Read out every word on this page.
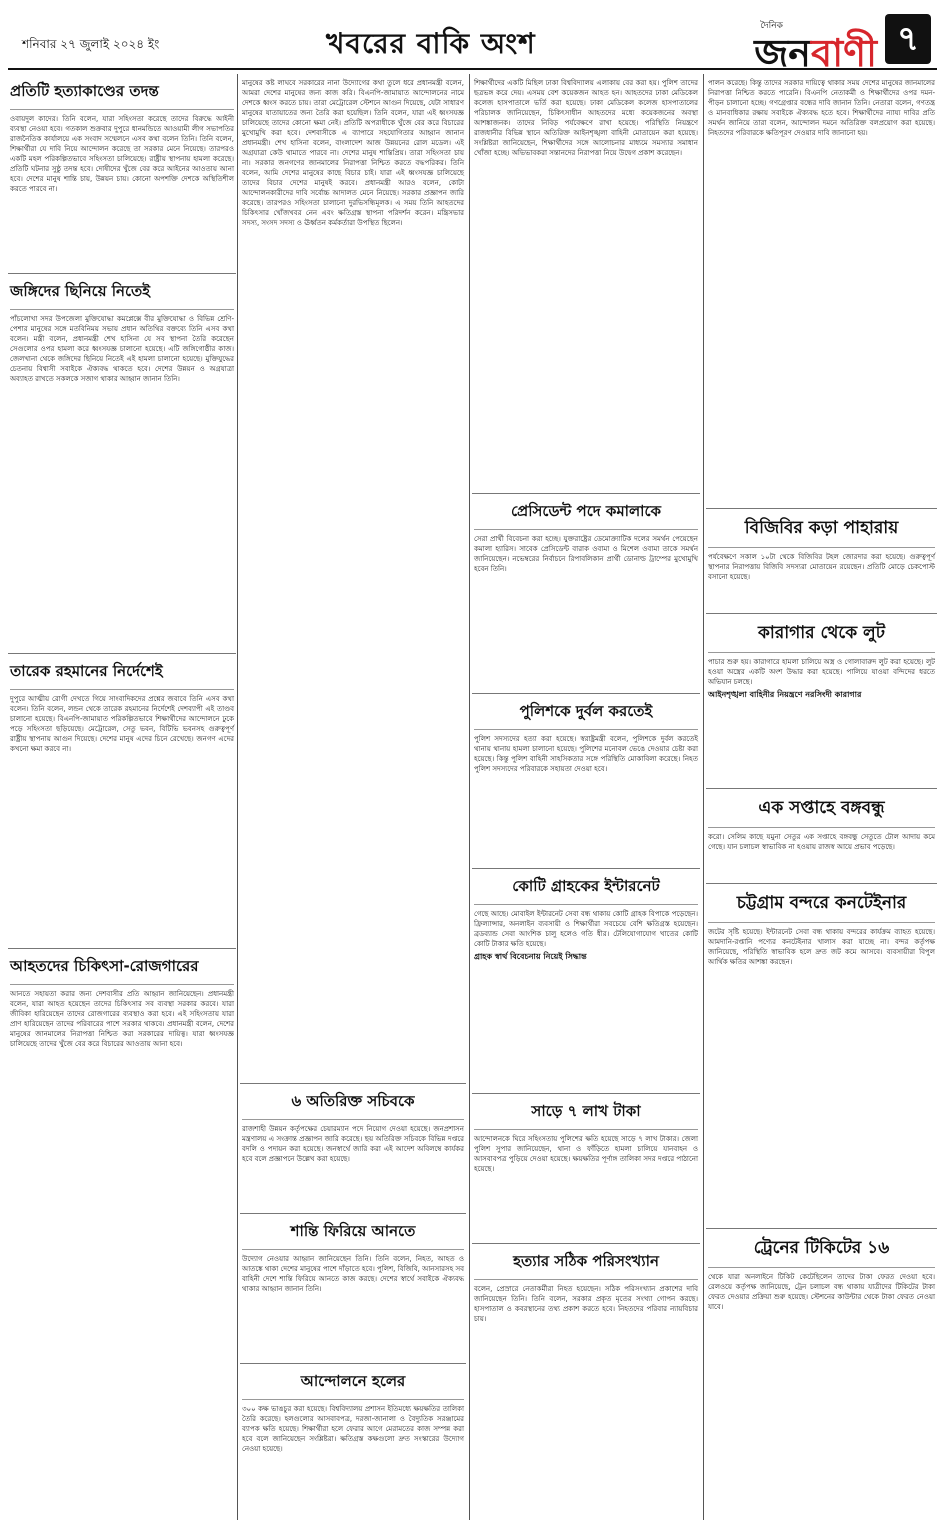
শনিবার ২৭ জুলাই ২০২৪ ইং	খবরের বাকি অংশ
দৈনিক
জনবাণী ৭
প্রতিটি হত্যাকাণ্ডের তদন্ত
ওবায়দুল কাদের। তিনি বলেন, যারা সহিংসতা করেছে তাদের বিরুদ্ধে আইনী ব্যবস্থা নেওয়া হবে। গতকাল শুক্রবার দুপুরে ধানমন্ডিতে আওয়ামী লীগ সভাপতির রাজনৈতিক কার্যালয়ে এক সংবাদ সম্মেলনে এসব কথা বলেন তিনি। তিনি বলেন, শিক্ষার্থীরা যে দাবি নিয়ে আন্দোলন করেছে তা সরকার মেনে নিয়েছে। তারপরও একটি মহল পরিকল্পিতভাবে সহিংসতা চালিয়েছে। রাষ্ট্রীয় স্থাপনায় হামলা করেছে। প্রতিটি ঘটনার সুষ্ঠু তদন্ত হবে। দোষীদের খুঁজে বের করে আইনের আওতায় আনা হবে। দেশের মানুষ শান্তি চায়, উন্নয়ন চায়। কোনো অপশক্তি দেশকে অস্থিতিশীল করতে পারবে না।
জঙ্গিদের ছিনিয়ে নিতেই
পাঁচলোখা সদর উপজেলা মুক্তিযোদ্ধা কমপ্লেক্সে বীর মুক্তিযোদ্ধা ও বিভিন্ন শ্রেণি-পেশার মানুষের সঙ্গে মতবিনিময় সভায় প্রধান অতিথির বক্তব্যে তিনি এসব কথা বলেন। মন্ত্রী বলেন, প্রধানমন্ত্রী শেখ হাসিনা যে সব স্থাপনা তৈরি করেছেন সেগুলোর ওপর হামলা করে ধ্বংসযজ্ঞ চালানো হয়েছে। এটি জঙ্গিগোষ্ঠীর কাজ। জেলখানা থেকে জঙ্গিদের ছিনিয়ে নিতেই এই হামলা চালানো হয়েছে। মুক্তিযুদ্ধের চেতনায় বিশ্বাসী সবাইকে ঐক্যবদ্ধ থাকতে হবে। দেশের উন্নয়ন ও অগ্রযাত্রা অব্যাহত রাখতে সকলকে সজাগ থাকার আহ্বান জানান তিনি।
তারেক রহমানের নির্দেশেই
দুপুরে আত্মীয় রোগী দেখতে গিয়ে সাংবাদিকদের প্রশ্নের জবাবে তিনি এসব কথা বলেন। তিনি বলেন, লন্ডন থেকে তারেক রহমানের নির্দেশেই দেশব্যাপী এই তাণ্ডব চালানো হয়েছে। বিএনপি-জামায়াত পরিকল্পিতভাবে শিক্ষার্থীদের আন্দোলনে ঢুকে পড়ে সহিংসতা ছড়িয়েছে। মেট্রোরেল, সেতু ভবন, বিটিভি ভবনসহ গুরুত্বপূর্ণ রাষ্ট্রীয় স্থাপনায় আগুন দিয়েছে। দেশের মানুষ এদের চিনে রেখেছে। জনগণ এদের কখনো ক্ষমা করবে না।
আহতদের চিকিৎসা-রোজগারের
আনতে সহায়তা করার জন্য দেশবাসীর প্রতি আহ্বান জানিয়েছেন। প্রধানমন্ত্রী বলেন, যারা আহত হয়েছেন তাদের চিকিৎসার সব ব্যবস্থা সরকার করবে। যারা জীবিকা হারিয়েছেন তাদের রোজগারের ব্যবস্থাও করা হবে। এই সহিংসতায় যারা প্রাণ হারিয়েছেন তাদের পরিবারের পাশে সরকার থাকবে। প্রধানমন্ত্রী বলেন, দেশের মানুষের জানমালের নিরাপত্তা নিশ্চিত করা সরকারের দায়িত্ব। যারা ধ্বংসযজ্ঞ চালিয়েছে তাদের খুঁজে বের করে বিচারের আওতায় আনা হবে।
মানুষের কষ্ট লাঘবে সরকারের নানা উদ্যোগের কথা তুলে ধরে প্রধানমন্ত্রী বলেন, আমরা দেশের মানুষের জন্য কাজ করি। বিএনপি-জামায়াত আন্দোলনের নামে দেশকে ধ্বংস করতে চায়। তারা মেট্রোরেল স্টেশনে আগুন দিয়েছে, যেটা সাধারণ মানুষের যাতায়াতের জন্য তৈরি করা হয়েছিল। তিনি বলেন, যারা এই ধ্বংসযজ্ঞ চালিয়েছে তাদের কোনো ক্ষমা নেই। প্রতিটি অপরাধীকে খুঁজে বের করে বিচারের মুখোমুখি করা হবে। দেশবাসীকে এ ব্যাপারে সহযোগিতার আহ্বান জানান প্রধানমন্ত্রী। শেখ হাসিনা বলেন, বাংলাদেশ আজ উন্নয়নের রোল মডেল। এই অগ্রযাত্রা কেউ থামাতে পারবে না। দেশের মানুষ শান্তিপ্রিয়। তারা সহিংসতা চায় না। সরকার জনগণের জানমালের নিরাপত্তা নিশ্চিত করতে বদ্ধপরিকর। তিনি বলেন, আমি দেশের মানুষের কাছে বিচার চাই। যারা এই ধ্বংসযজ্ঞ চালিয়েছে তাদের বিচার দেশের মানুষই করবে। প্রধানমন্ত্রী আরও বলেন, কোটা আন্দোলনকারীদের দাবি সর্বোচ্চ আদালত মেনে নিয়েছে। সরকার প্রজ্ঞাপন জারি করেছে। তারপরও সহিংসতা চালানো দুরভিসন্ধিমূলক। এ সময় তিনি আহতদের চিকিৎসার খোঁজখবর নেন এবং ক্ষতিগ্রস্ত স্থাপনা পরিদর্শন করেন। মন্ত্রিসভার সদস্য, সংসদ সদস্য ও ঊর্ধ্বতন কর্মকর্তারা উপস্থিত ছিলেন।
৬ অতিরিক্ত সচিবকে
রাজশাহী উন্নয়ন কর্তৃপক্ষের চেয়ারম্যান পদে নিয়োগ দেওয়া হয়েছে। জনপ্রশাসন মন্ত্রণালয় এ সংক্রান্ত প্রজ্ঞাপন জারি করেছে। ছয় অতিরিক্ত সচিবকে বিভিন্ন দপ্তরে বদলি ও পদায়ন করা হয়েছে। জনস্বার্থে জারি করা এই আদেশ অবিলম্বে কার্যকর হবে বলে প্রজ্ঞাপনে উল্লেখ করা হয়েছে।
শান্তি ফিরিয়ে আনতে
উদ্যোগ নেওয়ার আহ্বান জানিয়েছেন তিনি। তিনি বলেন, নিহত, আহত ও আতঙ্কে থাকা দেশের মানুষের পাশে দাঁড়াতে হবে। পুলিশ, বিজিবি, আনসারসহ সব বাহিনী দেশে শান্তি ফিরিয়ে আনতে কাজ করছে। দেশের স্বার্থে সবাইকে ঐক্যবদ্ধ থাকার আহ্বান জানান তিনি।
আন্দোলনে হলের
৩০০ কক্ষ ভাঙচুর করা হয়েছে। বিশ্ববিদ্যালয় প্রশাসন ইতিমধ্যে ক্ষয়ক্ষতির তালিকা তৈরি করেছে। হলগুলোর আসবাবপত্র, দরজা-জানালা ও বৈদ্যুতিক সরঞ্জামের ব্যাপক ক্ষতি হয়েছে। শিক্ষার্থীরা হলে ফেরার আগে মেরামতের কাজ সম্পন্ন করা হবে বলে জানিয়েছেন সংশ্লিষ্টরা। ক্ষতিগ্রস্ত কক্ষগুলো দ্রুত সংস্কারের উদ্যোগ নেওয়া হয়েছে।
শিক্ষার্থীদের একটি মিছিল ঢাকা বিশ্ববিদ্যালয় এলাকায় বের করা হয়। পুলিশ তাদের ছত্রভঙ্গ করে দেয়। এসময় বেশ কয়েকজন আহত হন। আহতদের ঢাকা মেডিকেল কলেজ হাসপাতালে ভর্তি করা হয়েছে। ঢাকা মেডিকেল কলেজ হাসপাতালের পরিচালক জানিয়েছেন, চিকিৎসাধীন আহতদের মধ্যে কয়েকজনের অবস্থা আশঙ্কাজনক। তাদের নিবিড় পর্যবেক্ষণে রাখা হয়েছে। পরিস্থিতি নিয়ন্ত্রণে রাজধানীর বিভিন্ন স্থানে অতিরিক্ত আইনশৃঙ্খলা বাহিনী মোতায়েন করা হয়েছে। সংশ্লিষ্টরা জানিয়েছেন, শিক্ষার্থীদের সঙ্গে আলোচনার মাধ্যমে সমস্যার সমাধান খোঁজা হচ্ছে। অভিভাবকরা সন্তানদের নিরাপত্তা নিয়ে উদ্বেগ প্রকাশ করেছেন।
প্রেসিডেন্ট পদে কমালাকে
সেরা প্রার্থী বিবেচনা করা হচ্ছে। যুক্তরাষ্ট্রের ডেমোক্র্যাটিক দলের সমর্থন পেয়েছেন কমালা হ্যারিস। সাবেক প্রেসিডেন্ট বারাক ওবামা ও মিশেল ওবামা তাকে সমর্থন জানিয়েছেন। নভেম্বরের নির্বাচনে রিপাবলিকান প্রার্থী ডোনাল্ড ট্রাম্পের মুখোমুখি হবেন তিনি।
পুলিশকে দুর্বল করতেই
পুলিশ সদস্যদের হত্যা করা হয়েছে। স্বরাষ্ট্রমন্ত্রী বলেন, পুলিশকে দুর্বল করতেই থানায় থানায় হামলা চালানো হয়েছে। পুলিশের মনোবল ভেঙে দেওয়ার চেষ্টা করা হয়েছে। কিন্তু পুলিশ বাহিনী সাহসিকতার সঙ্গে পরিস্থিতি মোকাবিলা করেছে। নিহত পুলিশ সদস্যদের পরিবারকে সহায়তা দেওয়া হবে।
কোটি গ্রাহকের ইন্টারনেট
গেছে আছে। মোবাইল ইন্টারনেট সেবা বন্ধ থাকায় কোটি গ্রাহক বিপাকে পড়েছেন। ফ্রিল্যান্সার, অনলাইন ব্যবসায়ী ও শিক্ষার্থীরা সবচেয়ে বেশি ক্ষতিগ্রস্ত হয়েছেন। ব্রডব্যান্ড সেবা আংশিক চালু হলেও গতি ধীর। টেলিযোগাযোগ খাতের কোটি কোটি টাকার ক্ষতি হয়েছে।
গ্রাহক স্বার্থ বিবেচনায় নিয়েই সিদ্ধান্ত
সাড়ে ৭ লাখ টাকা
আন্দোলনকে ঘিরে সহিংসতায় পুলিশের ক্ষতি হয়েছে সাড়ে ৭ লাখ টাকার। জেলা পুলিশ সুপার জানিয়েছেন, থানা ও ফাঁড়িতে হামলা চালিয়ে যানবাহন ও আসবাবপত্র পুড়িয়ে দেওয়া হয়েছে। ক্ষয়ক্ষতির পূর্ণাঙ্গ তালিকা সদর দপ্তরে পাঠানো হয়েছে।
হত্যার সঠিক পরিসংখ্যান
বলেন, প্রেস্রারে নেতাকর্মীরা নিহত হয়েছেন। সঠিক পরিসংখ্যান প্রকাশের দাবি জানিয়েছেন তিনি। তিনি বলেন, সরকার প্রকৃত মৃতের সংখ্যা গোপন করছে। হাসপাতাল ও কবরস্থানের তথ্য প্রকাশ করতে হবে। নিহতদের পরিবার ন্যায়বিচার চায়।
পালন করেছে। কিন্তু তাদের সরকার দায়িত্বে থাকার সময় দেশের মানুষের জানমালের নিরাপত্তা নিশ্চিত করতে পারেনি। বিএনপি নেতাকর্মী ও শিক্ষার্থীদের ওপর দমন-পীড়ন চালানো হচ্ছে। গণগ্রেপ্তার বন্ধের দাবি জানান তিনি। নেতারা বলেন, গণতন্ত্র ও মানবাধিকার রক্ষায় সবাইকে ঐক্যবদ্ধ হতে হবে। শিক্ষার্থীদের ন্যায্য দাবির প্রতি সমর্থন জানিয়ে তারা বলেন, আন্দোলন দমনে অতিরিক্ত বলপ্রয়োগ করা হয়েছে। নিহতদের পরিবারকে ক্ষতিপূরণ দেওয়ার দাবি জানানো হয়।
বিজিবির কড়া পাহারায়
পর্যবেক্ষণে সকাল ১০টা থেকে বিজিবির টহল জোরদার করা হয়েছে। গুরুত্বপূর্ণ স্থাপনার নিরাপত্তায় বিজিবি সদস্যরা মোতায়েন রয়েছেন। প্রতিটি মোড়ে চেকপোস্ট বসানো হয়েছে।
কারাগার থেকে লুট
পাচার শুরু হয়। কারাগারে হামলা চালিয়ে অস্ত্র ও গোলাবারুদ লুট করা হয়েছে। লুট হওয়া অস্ত্রের একটি অংশ উদ্ধার করা হয়েছে। পালিয়ে যাওয়া বন্দিদের ধরতে অভিযান চলছে।
আইনশৃঙ্খলা বাহিনীর নিয়ন্ত্রণে নরসিংদী কারাগার
এক সপ্তাহে বঙ্গবন্ধু
করো। সেলিম কাছে যমুনা সেতুর এক সপ্তাহে বঙ্গবন্ধু সেতুতে টোল আদায় কমে গেছে। যান চলাচল স্বাভাবিক না হওয়ায় রাজস্ব আয়ে প্রভাব পড়েছে।
চট্টগ্রাম বন্দরে কনটেইনার
জটের সৃষ্টি হয়েছে। ইন্টারনেট সেবা বন্ধ থাকায় বন্দরের কার্যক্রম ব্যাহত হয়েছে। আমদানি-রপ্তানি পণ্যের কনটেইনার খালাস করা যাচ্ছে না। বন্দর কর্তৃপক্ষ জানিয়েছে, পরিস্থিতি স্বাভাবিক হলে দ্রুত জট কমে আসবে। ব্যবসায়ীরা বিপুল আর্থিক ক্ষতির আশঙ্কা করছেন।
ট্রেনের টিকিটের ১৬
থেকে যারা অনলাইনে টিকিট কেটেছিলেন তাদের টাকা ফেরত দেওয়া হবে। রেলওয়ে কর্তৃপক্ষ জানিয়েছে, ট্রেন চলাচল বন্ধ থাকায় যাত্রীদের টিকিটের টাকা ফেরত দেওয়ার প্রক্রিয়া শুরু হয়েছে। স্টেশনের কাউন্টার থেকে টাকা ফেরত নেওয়া যাবে।
